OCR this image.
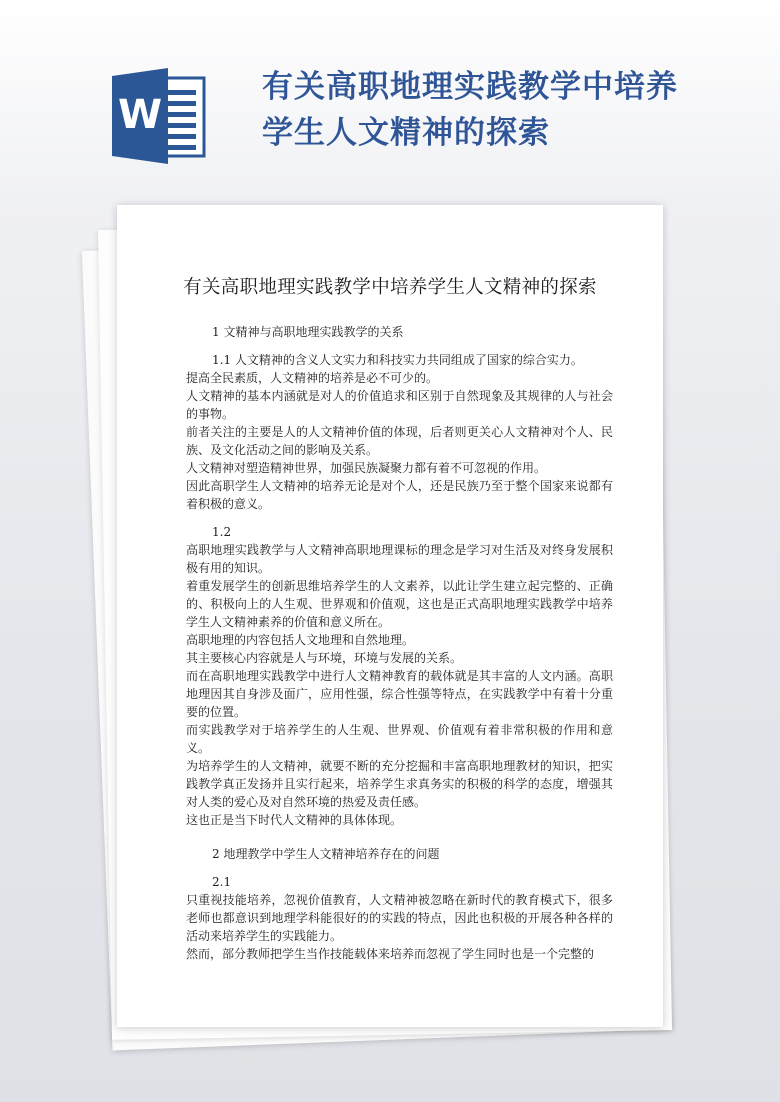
W
有关高职地理实践教学中培养
学生人文精神的探索
有关高职地理实践教学中培养学生人文精神的探索
1 文精神与高职地理实践教学的关系
1.1 人文精神的含义人文实力和科技实力共同组成了国家的综合实力。

提高全民素质，人文精神的培养是必不可少的。

人文精神的基本内涵就是对人的价值追求和区别于自然现象及其规律的人与社会的事物。

前者关注的主要是人的人文精神价值的体现，后者则更关心人文精神对个人、民族、及文化活动之间的影响及关系。

人文精神对塑造精神世界，加强民族凝聚力都有着不可忽视的作用。

因此高职学生人文精神的培养无论是对个人，还是民族乃至于整个国家来说都有着积极的意义。

1.2

高职地理实践教学与人文精神高职地理课标的理念是学习对生活及对终身发展积极有用的知识。

着重发展学生的创新思维培养学生的人文素养，以此让学生建立起完整的、正确的、积极向上的人生观、世界观和价值观，这也是正式高职地理实践教学中培养学生人文精神素养的价值和意义所在。

高职地理的内容包括人文地理和自然地理。

其主要核心内容就是人与环境，环境与发展的关系。

而在高职地理实践教学中进行人文精神教育的载体就是其丰富的人文内涵。高职地理因其自身涉及面广，应用性强，综合性强等特点，在实践教学中有着十分重要的位置。

而实践教学对于培养学生的人生观、世界观、价值观有着非常积极的作用和意义。

为培养学生的人文精神，就要不断的充分挖掘和丰富高职地理教材的知识，把实践教学真正发扬并且实行起来，培养学生求真务实的积极的科学的态度，增强其对人类的爱心及对自然环境的热爱及责任感。

这也正是当下时代人文精神的具体体现。

2 地理教学中学生人文精神培养存在的问题
2.1

只重视技能培养，忽视价值教育，人文精神被忽略在新时代的教育模式下，很多老师也都意识到地理学科能很好的的实践的特点，因此也积极的开展各种各样的活动来培养学生的实践能力。

然而，部分教师把学生当作技能载体来培养而忽视了学生同时也是一个完整的
